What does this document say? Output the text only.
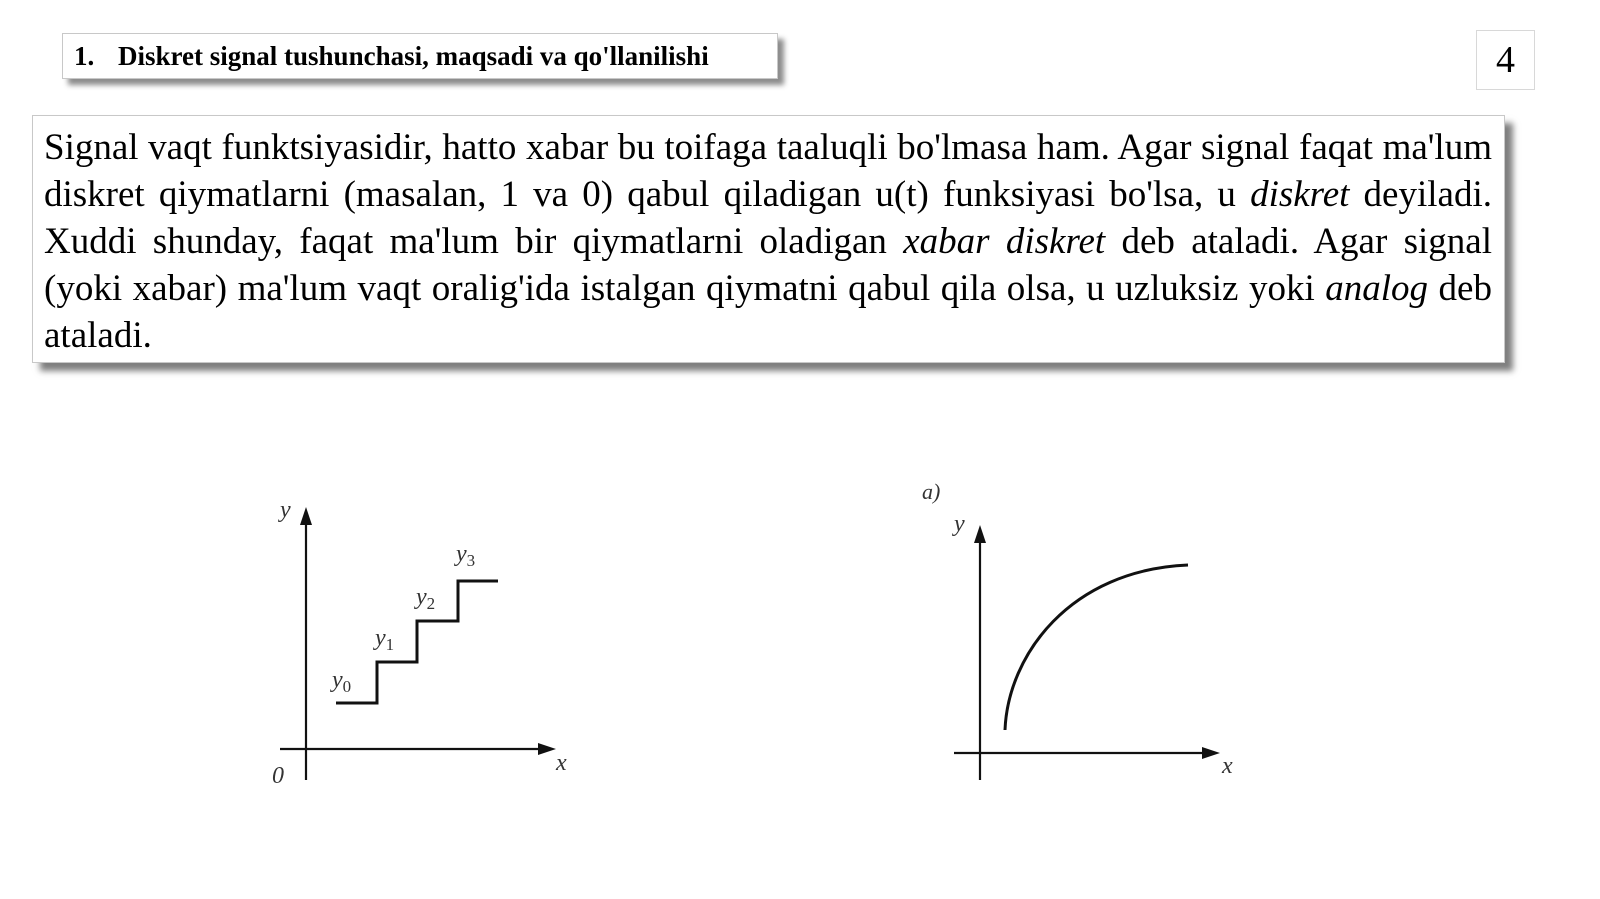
1. Diskret signal tushunchasi, maqsadi va qo'llanilishi	4

Signal vaqt funktsiyasidir, hatto xabar bu toifaga taaluqli bo'lmasa ham. Agar signal faqat ma'lum diskret qiymatlarni (masalan, 1 va 0) qabul qiladigan u(t) funksiyasi bo'lsa, u diskret deyiladi. Xuddi shunday, faqat ma'lum bir qiymatlarni oladigan xabar diskret deb ataladi. Agar signal (yoki xabar) ma'lum vaqt oralig'ida istalgan qiymatni qabul qila olsa, u uzluksiz yoki analog deb ataladi.

y
x
0
$y_0$
$y_1$
$y_2$
$y_3$
a)
y
x
